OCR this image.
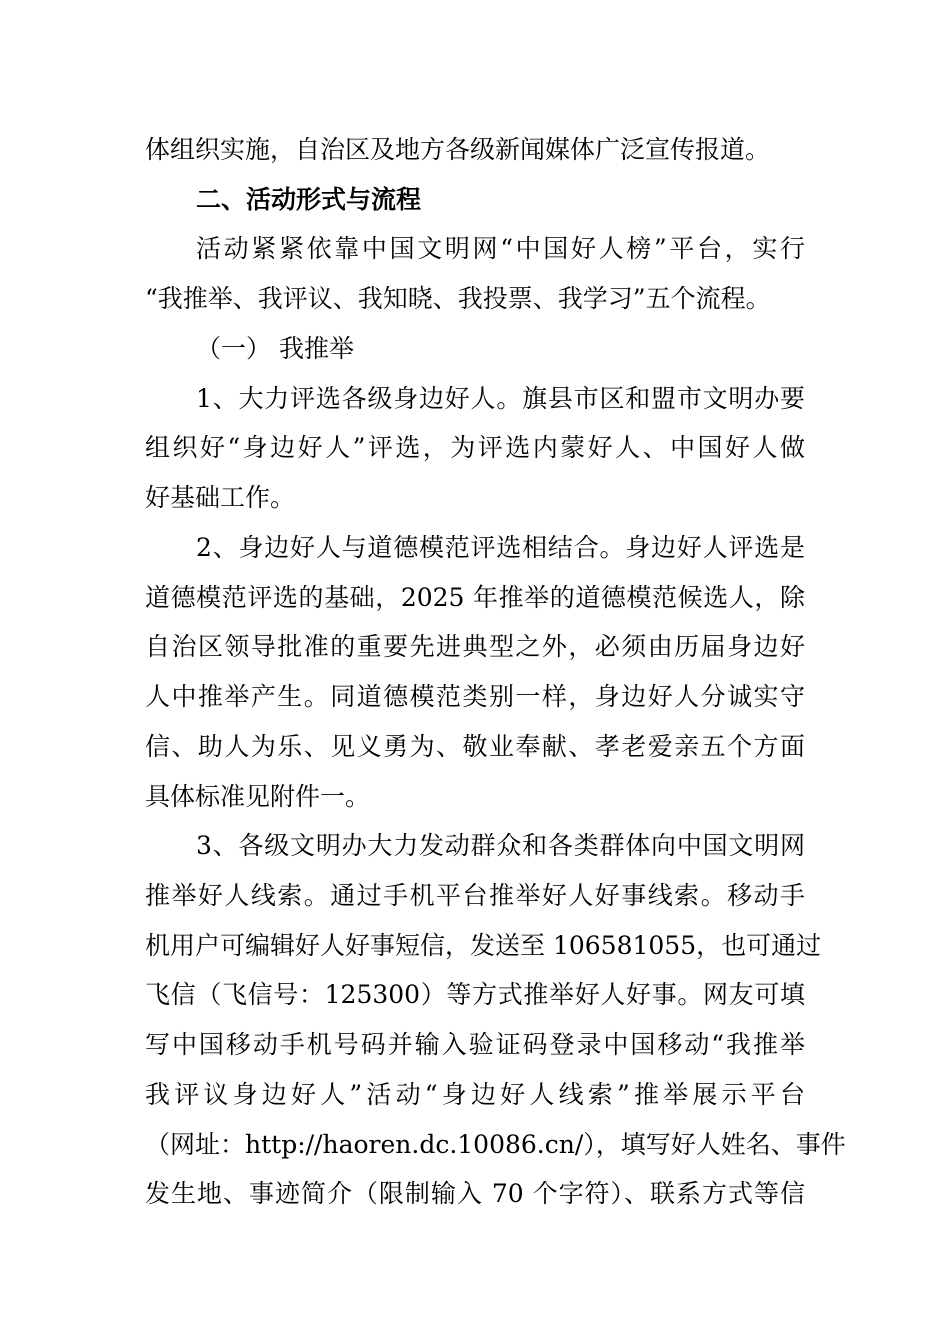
体组织实施，自治区及地方各级新闻媒体广泛宣传报道。
二、活动形式与流程
活动紧紧依靠中国文明网“中国好人榜”平台，实行
“我推举、我评议、我知晓、我投票、我学习”五个流程。
（一） 我推举
1、大力评选各级身边好人。旗县市区和盟市文明办要
组织好“身边好人”评选，为评选内蒙好人、中国好人做
好基础工作。
2、身边好人与道德模范评选相结合。身边好人评选是
道德模范评选的基础，2025 年推举的道德模范候选人，除
自治区领导批准的重要先进典型之外，必须由历届身边好
人中推举产生。同道德模范类别一样，身边好人分诚实守
信、助人为乐、见义勇为、敬业奉献、孝老爱亲五个方面
具体标准见附件一。
3、各级文明办大力发动群众和各类群体向中国文明网
推举好人线索。通过手机平台推举好人好事线索。移动手
机用户可编辑好人好事短信，发送至 106581055，也可通过
飞信（飞信号：125300）等方式推举好人好事。网友可填
写中国移动手机号码并输入验证码登录中国移动“我推举
我评议身边好人”活动“身边好人线索”推举展示平台
（网址：http://haoren.dc.10086.cn/），填写好人姓名、事件
发生地、事迹简介（限制输入 70 个字符）、联系方式等信
